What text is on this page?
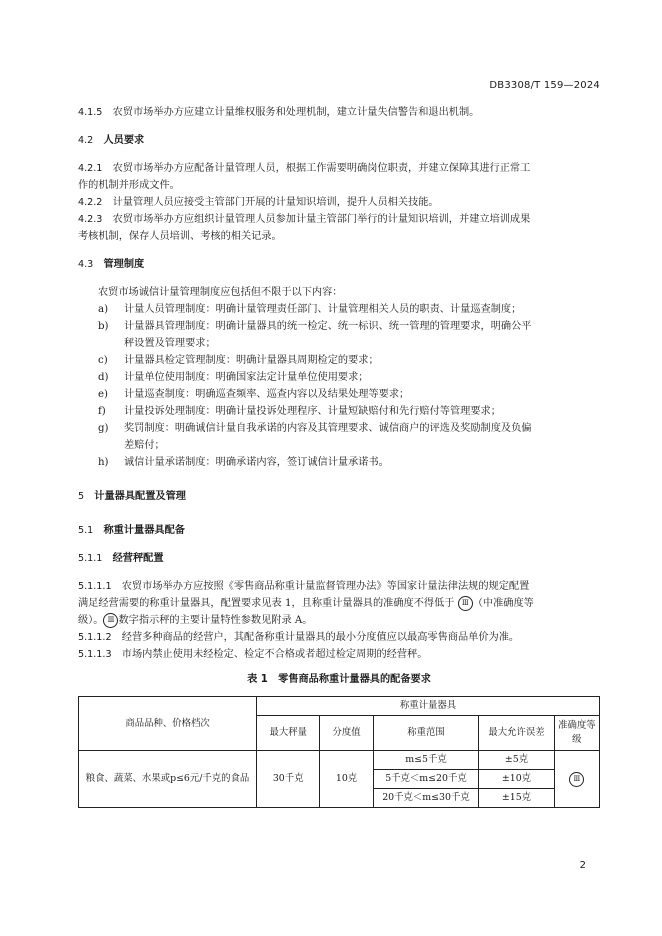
DB3308/T 159—2024

4.1.5　 农贸市场举办方应建立计量维权服务和处理机制，建立计量失信警告和退出机制。

4.2　 人员要求

4.2.1　 农贸市场举办方应配备计量管理人员，根据工作需要明确岗位职责，并建立保障其进行正常工
作的机制并形成文件。

4.2.2　 计量管理人员应接受主管部门开展的计量知识培训，提升人员相关技能。

4.2.3　 农贸市场举办方应组织计量管理人员参加计量主管部门举行的计量知识培训，并建立培训成果
考核机制，保存人员培训、考核的相关记录。

4.3　 管理制度

农贸市场诚信计量管理制度应包括但不限于以下内容：

a)	计量人员管理制度：明确计量管理责任部门、计量管理相关人员的职责、计量巡查制度；
b)	计量器具管理制度：明确计量器具的统一检定、统一标识、统一管理的管理要求，明确公平
秤设置及管理要求；
c)	计量器具检定管理制度：明确计量器具周期检定的要求；
d)	计量单位使用制度：明确国家法定计量单位使用要求；
e)	计量巡查制度：明确巡查频率、巡查内容以及结果处理等要求；
f)	计量投诉处理制度：明确计量投诉处理程序、计量短缺赔付和先行赔付等管理要求；
g)	奖罚制度：明确诚信计量自我承诺的内容及其管理要求、诚信商户的评选及奖励制度及负偏
差赔付；
h)	诚信计量承诺制度：明确承诺内容，签订诚信计量承诺书。

5　 计量器具配置及管理

5.1　 称重计量器具配备

5.1.1　 经营秤配置

5.1.1.1　 农贸市场举办方应按照《零售商品称重计量监督管理办法》等国家计量法律法规的规定配置
满足经营需要的称重计量器具，配置要求见表 1，且称重计量器具的准确度不得低于 Ⅲ （中准确度等
级）。 Ⅲ 数字指示秤的主要计量特性参数见附录 A。

5.1.1.2　 经营多种商品的经营户，其配备称重计量器具的最小分度值应以最高零售商品单价为准。

5.1.1.3　 市场内禁止使用未经检定、检定不合格或者超过检定周期的经营秤。

表 1　零售商品称重计量器具的配备要求
商品品种、价格档次	称重计量器具				
	最大秤量	分度值	称重范围	最大允许误差	准确度等级
粮食、蔬菜、水果或p≤6元/千克的食品	30千克	10克	m≤5千克	±5克	Ⅲ
			5千克＜m≤20千克	±10克	
			20千克＜m≤30千克	±15克	
2
